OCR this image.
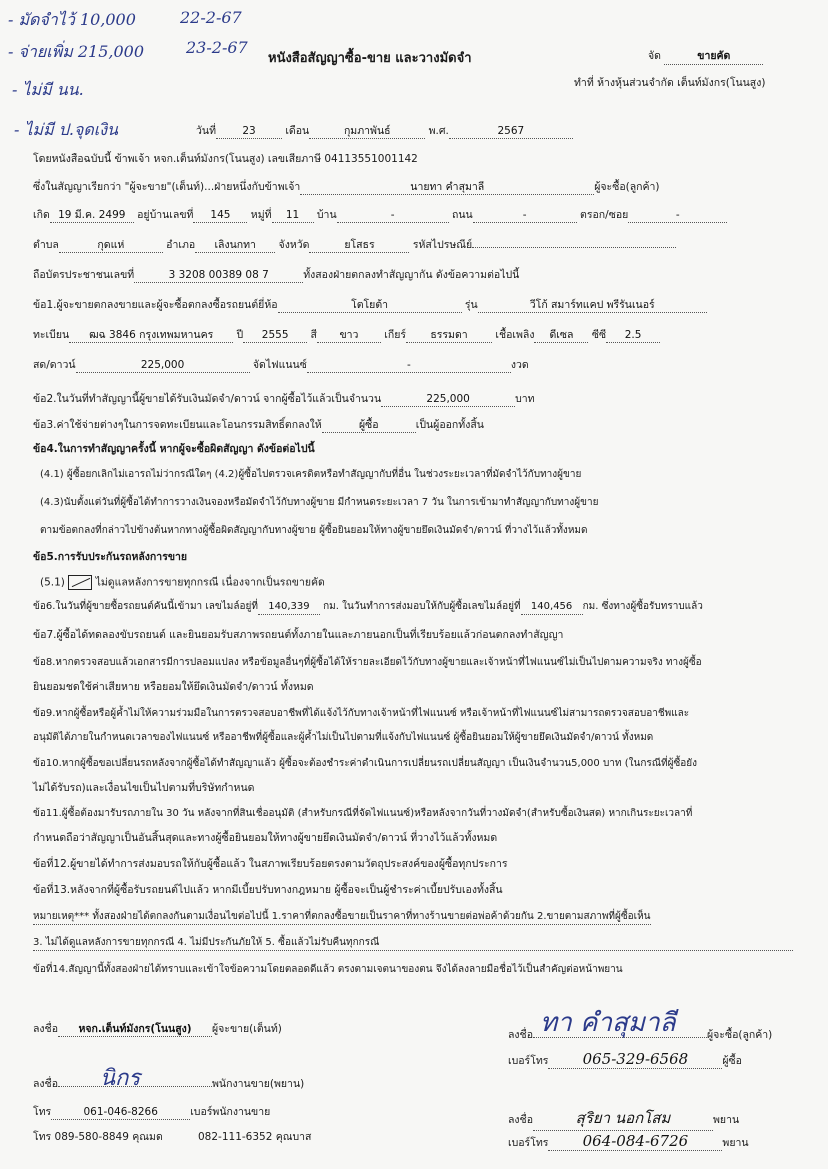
- มัดจำไว้ 10,000	22-2-67
- จ่ายเพิ่ม 215,000	23-2-67
- ไม่มี นน.
- ไม่มี ป.จุดเงิน
หนังสือสัญญาซื้อ-ขาย และวางมัดจำ	จัด	ขายคัด
ทำที่ ห้างหุ้นส่วนจำกัด เต็นท์มังกร(โนนสูง)
วันที่	23	เดือน	กุมภาพันธ์	พ.ศ.	2567
โดยหนังสือฉบับนี้ ข้าพเจ้า หจก.เต็นท์มังกร(โนนสูง) เลขเสียภาษี 04113551001142
ซึ่งในสัญญาเรียกว่า "ผู้จะขาย"(เต็นท์)...ฝ่ายหนึ่งกับข้าพเจ้า	นายทา คำสุมาลี	ผู้จะซื้อ(ลูกค้า)
เกิด 19 มี.ค. 2499 อยู่บ้านเลขที่ 145 หมู่ที่ 11 บ้าน	-	ถนน	-	ตรอก/ซอย	-
ตำบล	กุดแห่	อำเภอ เลิงนกทา จังหวัด	ยโสธร	รหัสไปรษณีย์
ถือบัตรประชาชนเลขที่	3 3208 00389 08 7	ทั้งสองฝ่ายตกลงทำสัญญากัน ดังข้อความต่อไปนี้
ข้อ1.ผู้จะขายตกลงขายและผู้จะซื้อตกลงซื้อรถยนต์ยี่ห้อ	โตโยต้า	รุ่น	วีโก้ สมาร์ทแคป พรีรันเนอร์
ทะเบียน ฒฉ 3846 กรุงเทพมหานคร ปี 2555 สี ขาว เกียร์ ธรรมดา	เชื้อเพลิง ดีเซล ซีซี 2.5
สด/ดาวน์	225,000	จัดไฟแนนซ์	-	งวด
ข้อ2.ในวันที่ทำสัญญานี้ผู้ขายได้รับเงินมัดจำ/ดาวน์ จากผู้ซื้อไว้แล้วเป็นจำนวน	225,000	บาท
ข้อ3.ค่าใช้จ่ายต่างๆในการจดทะเบียนและโอนกรรมสิทธิ์ตกลงให้	ผู้ซื้อ	เป็นผู้ออกทั้งสิ้น
ข้อ4.ในการทำสัญญาครั้งนี้ หากผู้จะซื้อผิดสัญญา ดังข้อต่อไปนี้
(4.1) ผู้ซื้อยกเลิกไม่เอารถไม่ว่ากรณีใดๆ (4.2)ผู้ซื้อไปตรวจเครดิตหรือทำสัญญากับที่อื่น ในช่วงระยะเวลาที่มัดจำไว้กับทางผู้ขาย
(4.3)นับตั้งแต่วันที่ผู้ซื้อได้ทำการวางเงินจองหรือมัดจำไว้กับทางผู้ขาย มีกำหนดระยะเวลา 7 วัน ในการเข้ามาทำสัญญากับทางผู้ขาย
ตามข้อตกลงที่กล่าวไปข้างต้นหากทางผู้ซื้อผิดสัญญากับทางผู้ขาย ผู้ซื้อยินยอมให้ทางผู้ขายยึดเงินมัดจำ/ดาวน์ ที่วางไว้แล้วทั้งหมด
ข้อ5.การรับประกันรถหลังการขาย
(5.1)	ไม่ดูแลหลังการขายทุกกรณี เนื่องจากเป็นรถขายคัด
ข้อ6.ในวันที่ผู้ขายซื้อรถยนต์คันนี้เข้ามา เลขไมล์อยู่ที่ 140,339 กม. ในวันทำการส่งมอบให้กับผู้ซื้อเลขไมล์อยู่ที่ 140,456 กม. ซึ่งทางผู้ซื้อรับทราบแล้ว
ข้อ7.ผู้ซื้อได้ทดลองขับรถยนต์ และยินยอมรับสภาพรถยนต์ทั้งภายในและภายนอกเป็นที่เรียบร้อยแล้วก่อนตกลงทำสัญญา
ข้อ8.หากตรวจสอบแล้วเอกสารมีการปลอมแปลง หรือข้อมูลอื่นๆที่ผู้ซื้อได้ให้รายละเอียดไว้กับทางผู้ขายและเจ้าหน้าที่ไฟแนนซ์ไม่เป็นไปตามความจริง ทางผู้ซื้อ
ยินยอมชดใช้ค่าเสียหาย หรือยอมให้ยึดเงินมัดจำ/ดาวน์ ทั้งหมด
ข้อ9.หากผู้ซื้อหรือผู้ค้ำไม่ให้ความร่วมมือในการตรวจสอบอาชีพที่ได้แจ้งไว้กับทางเจ้าหน้าที่ไฟแนนซ์ หรือเจ้าหน้าที่ไฟแนนซ์ไม่สามารถตรวจสอบอาชีพและ
อนุมัติได้ภายในกำหนดเวลาของไฟแนนซ์ หรืออาชีพที่ผู้ซื้อและผู้ค้ำไม่เป็นไปตามที่แจ้งกับไฟแนนซ์ ผู้ซื้อยินยอมให้ผู้ขายยึดเงินมัดจำ/ดาวน์ ทั้งหมด
ข้อ10.หากผู้ซื้อขอเปลี่ยนรถหลังจากผู้ซื้อได้ทำสัญญาแล้ว ผู้ซื้อจะต้องชำระค่าดำเนินการเปลี่ยนรถเปลี่ยนสัญญา เป็นเงินจำนวน5,000 บาท (ในกรณีที่ผู้ซื้อยัง
ไม่ได้รับรถ)และเงื่อนไขเป็นไปตามที่บริษัทกำหนด
ข้อ11.ผู้ซื้อต้องมารับรถภายใน 30 วัน หลังจากที่สินเชื่ออนุมัติ (สำหรับกรณีที่จัดไฟแนนซ์)หรือหลังจากวันที่วางมัดจำ(สำหรับซื้อเงินสด) หากเกินระยะเวลาที่
กำหนดถือว่าสัญญาเป็นอันสิ้นสุดและทางผู้ซื้อยินยอมให้ทางผู้ขายยึดเงินมัดจำ/ดาวน์ ที่วางไว้แล้วทั้งหมด
ข้อที่12.ผู้ขายได้ทำการส่งมอบรถให้กับผู้ซื้อแล้ว ในสภาพเรียบร้อยตรงตามวัตถุประสงค์ของผู้ซื้อทุกประการ
ข้อที่13.หลังจากที่ผู้ซื้อรับรถยนต์ไปแล้ว หากมีเบี้ยปรับทางกฎหมาย ผู้ซื้อจะเป็นผู้ชำระค่าเบี้ยปรับเองทั้งสิ้น
หมายเหตุ*** ทั้งสองฝ่ายได้ตกลงกันตามเงื่อนไขต่อไปนี้ 1.ราคาที่ตกลงซื้อขายเป็นราคาที่ทางร้านขายต่อพ่อค้าด้วยกัน 2.ขายตามสภาพที่ผู้ซื้อเห็น
3. ไม่ได้ดูแลหลังการขายทุกกรณี 4. ไม่มีประกันภัยให้ 5. ซื้อแล้วไม่รับคืนทุกกรณี
ข้อที่14.สัญญานี้ทั้งสองฝ่ายได้ทราบและเข้าใจข้อความโดยตลอดดีแล้ว ตรงตามเจตนาของตน จึงได้ลงลายมือชื่อไว้เป็นสำคัญต่อหน้าพยาน
ลงชื่อ หจก.เต็นท์มังกร(โนนสูง) ผู้จะขาย(เต็นท์)
ลงชื่อ	พนักงานขาย(พยาน)
นิกร
โทร	061-046-8266	เบอร์พนักงานขาย
โทร 089-580-8849 คุณมด	082-111-6352 คุณบาส
ลงชื่อ	ผู้จะซื้อ(ลูกค้า)
ทา คำสุมาลี
เบอร์โทร 065-329-6568	ผู้ซื้อ
ลงชื่อ	สุริยา นอกโสม	พยาน
เบอร์โทร 064-084-6726	พยาน
